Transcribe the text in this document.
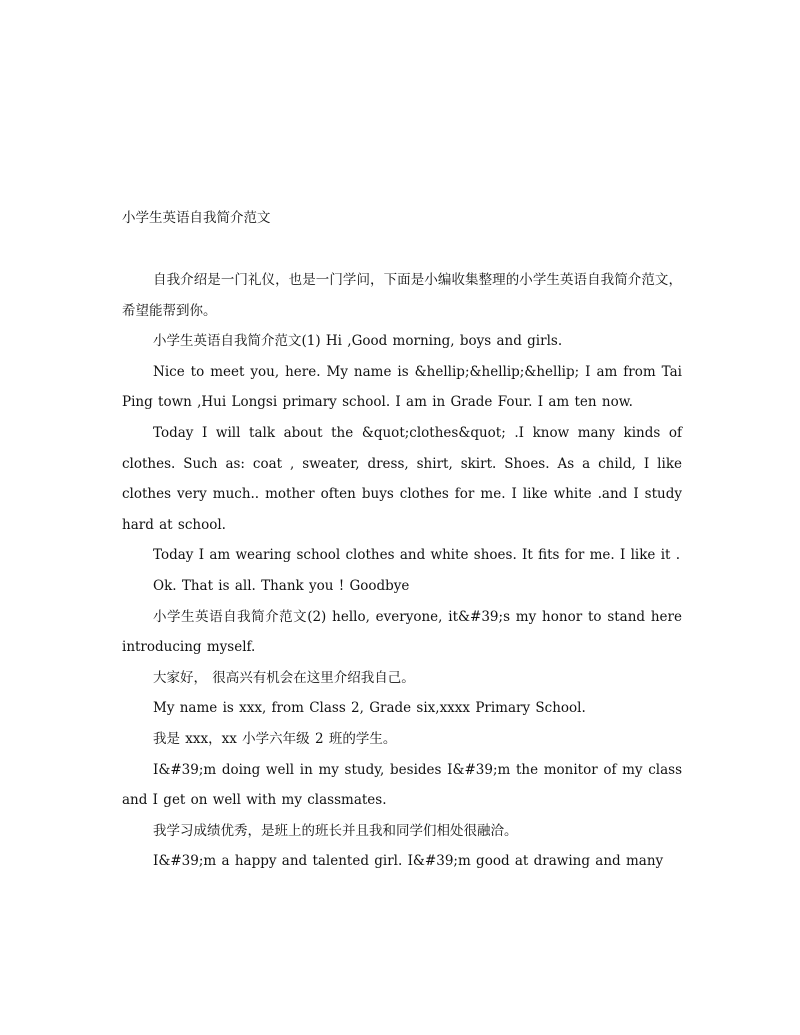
小学生英语自我简介范文

自我介绍是一门礼仪，也是一门学问，下面是小编收集整理的小学生英语自我简介范文，希望能帮到你。

小学生英语自我简介范文(1) Hi ,Good morning, boys and girls.

Nice to meet you, here. My name is &hellip;&hellip;&hellip; I am from Tai Ping town ,Hui Longsi primary school. I am in Grade Four. I am ten now.

Today I will talk about the &quot;clothes&quot; .I know many kinds of clothes. Such as: coat , sweater, dress, shirt, skirt. Shoes. As a child, I like clothes very much.. mother often buys clothes for me. I like white .and I study hard at school.

Today I am wearing school clothes and white shoes. It fits for me. I like it .

Ok. That is all. Thank you ! Goodbye

小学生英语自我简介范文(2) hello, everyone, it&#39;s my honor to stand here introducing myself.

大家好， 很高兴有机会在这里介绍我自己。

My name is xxx, from Class 2, Grade six,xxxx Primary School.

我是 xxx，xx 小学六年级 2 班的学生。

I&#39;m doing well in my study, besides I&#39;m the monitor of my class and I get on well with my classmates.

我学习成绩优秀，是班上的班长并且我和同学们相处很融洽。

I&#39;m a happy and talented girl. I&#39;m good at drawing and many
